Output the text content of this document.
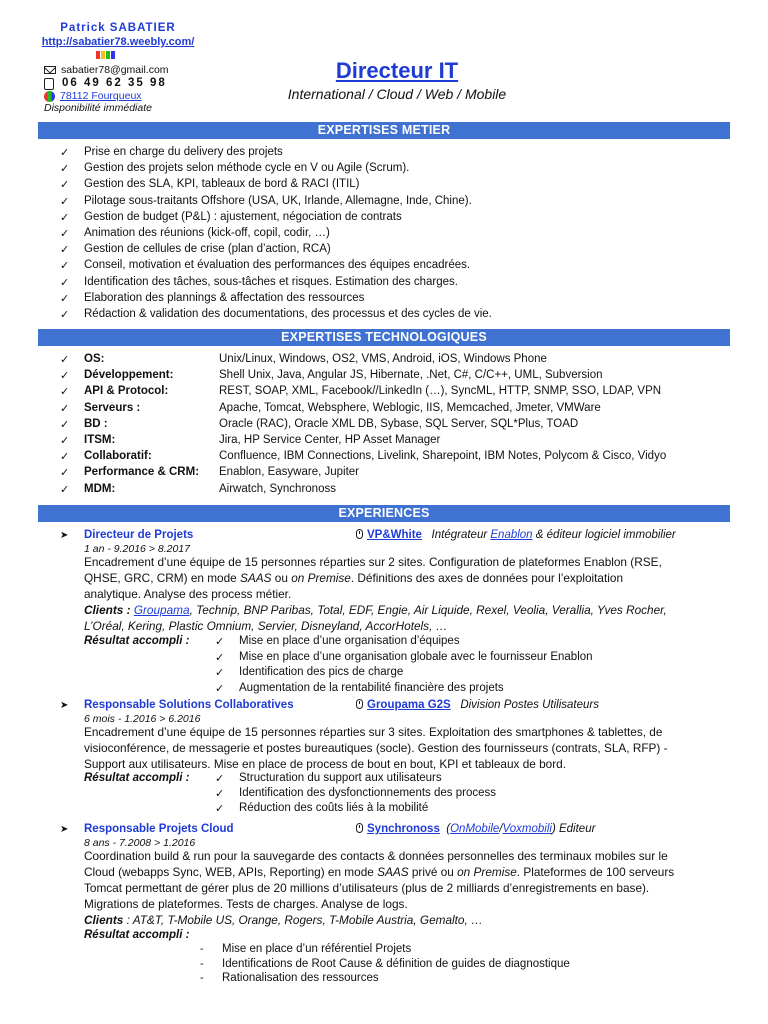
Patrick SABATIER
http://sabatier78.weebly.com/
sabatier78@gmail.com
06 49 62 35 98
78112 Fourqueux
Disponibilité immédiate
Directeur IT
International / Cloud / Web / Mobile
EXPERTISES METIER
✓ Prise en charge du delivery des projets
✓ Gestion des projets selon méthode cycle en V ou Agile (Scrum).
✓ Gestion des SLA, KPI, tableaux de bord & RACI (ITIL)
✓ Pilotage sous-traitants Offshore (USA, UK, Irlande, Allemagne, Inde, Chine).
✓ Gestion de budget (P&L) : ajustement, négociation de contrats
✓ Animation des réunions (kick-off, copil, codir, …)
✓ Gestion de cellules de crise (plan d’action, RCA)
✓ Conseil, motivation et évaluation des performances des équipes encadrées.
✓ Identification des tâches, sous-tâches et risques. Estimation des charges.
✓ Elaboration des plannings & affectation des ressources
✓ Rédaction & validation des documentations, des processus et des cycles de vie.
EXPERTISES TECHNOLOGIQUES
✓ OS:	Unix/Linux, Windows, OS2, VMS, Android, iOS, Windows Phone
✓ Développement:	Shell Unix, Java, Angular JS, Hibernate, .Net, C#, C/C++, UML, Subversion
✓ API & Protocol:	REST, SOAP, XML, Facebook//LinkedIn (…), SyncML, HTTP, SNMP, SSO, LDAP, VPN
✓ Serveurs :	Apache, Tomcat, Websphere, Weblogic, IIS, Memcached, Jmeter, VMWare
✓ BD :	Oracle (RAC), Oracle XML DB, Sybase, SQL Server, SQL*Plus, TOAD
✓ ITSM:	Jira, HP Service Center, HP Asset Manager
✓ Collaboratif:	Confluence, IBM Connections, Livelink, Sharepoint, IBM Notes, Polycom & Cisco, Vidyo
✓ Performance & CRM: Enablon, Easyware, Jupiter
✓ MDM:	Airwatch, Synchronoss
EXPERIENCES
➤ Directeur de Projets	VP&White Intégrateur Enablon & éditeur logiciel immobilier
1 an - 9.2016 > 8.2017
Encadrement d’une équipe de 15 personnes réparties sur 2 sites. Configuration de plateformes Enablon (RSE,
QHSE, GRC, CRM) en mode SAAS ou on Premise. Définitions des axes de données pour l’exploitation
analytique. Analyse des process métier.
Clients : Groupama, Technip, BNP Paribas, Total, EDF, Engie, Air Liquide, Rexel, Veolia, Verallia, Yves Rocher,
L’Oréal, Kering, Plastic Omnium, Servier, Disneyland, AccorHotels, …
Résultat accompli : ✓ Mise en place d’une organisation d’équipes
✓ Mise en place d’une organisation globale avec le fournisseur Enablon
✓ Identification des pics de charge
✓ Augmentation de la rentabilité financière des projets
➤ Responsable Solutions Collaboratives	Groupama G2S Division Postes Utilisateurs
6 mois - 1.2016 > 6.2016
Encadrement d’une équipe de 15 personnes réparties sur 3 sites. Exploitation des smartphones & tablettes, de
visioconférence, de messagerie et postes bureautiques (socle). Gestion des fournisseurs (contrats, SLA, RFP) -
Support aux utilisateurs. Mise en place de process de bout en bout, KPI et tableaux de bord.
Résultat accompli : ✓ Structuration du support aux utilisateurs
✓ Identification des dysfonctionnements des process
✓ Réduction des coûts liés à la mobilité
➤ Responsable Projets Cloud	Synchronoss (OnMobile/Voxmobili) Editeur
8 ans - 7.2008 > 1.2016
Coordination build & run pour la sauvegarde des contacts & données personnelles des terminaux mobiles sur le
Cloud (webapps Sync, WEB, APIs, Reporting) en mode SAAS privé ou on Premise. Plateformes de 100 serveurs
Tomcat permettant de gérer plus de 20 millions d’utilisateurs (plus de 2 milliards d’enregistrements en base).
Migrations de plateformes. Tests de charges. Analyse de logs.
Clients : AT&T, T-Mobile US, Orange, Rogers, T-Mobile Austria, Gemalto, …
Résultat accompli :
- Mise en place d’un référentiel Projets
- Identifications de Root Cause & définition de guides de diagnostique
- Rationalisation des ressources
